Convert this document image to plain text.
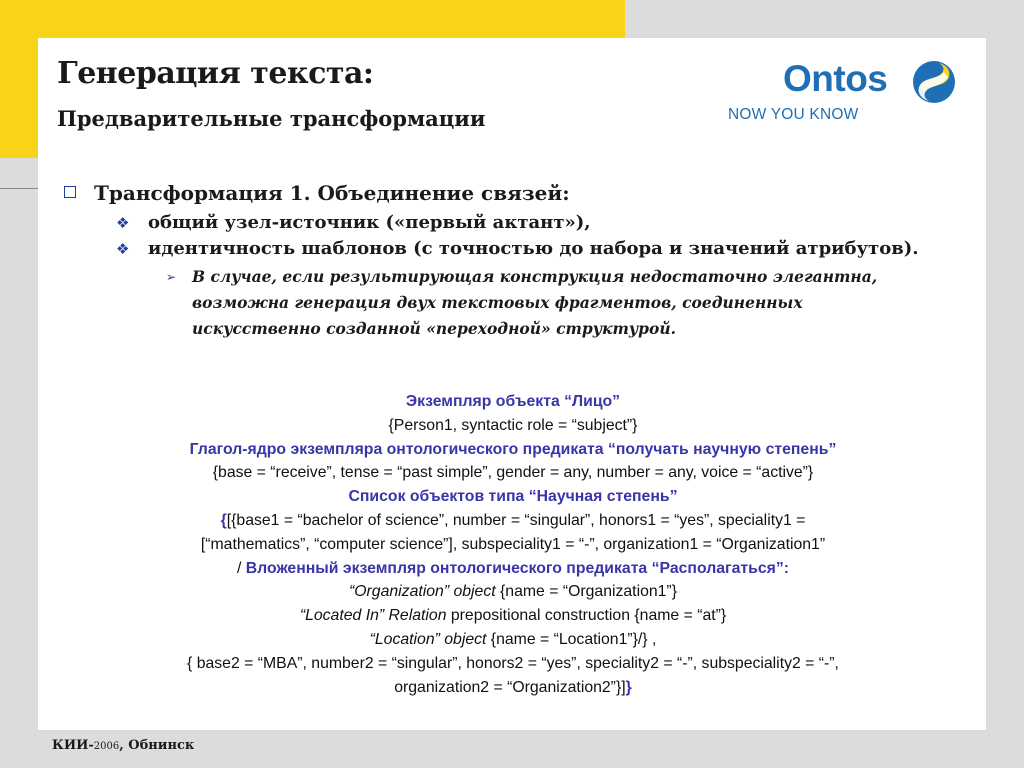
Генерация текста:
Предварительные трансформации
Ontos
NOW YOU KNOW
Трансформация 1. Объединение связей:
❖ общий узел-источник («первый актант»),
❖ идентичность шаблонов (с точностью до набора и значений атрибутов).
➢	В случае, если результирующая конструкция недостаточно элегантна, возможна генерация двух текстовых фрагментов, соединенных искусственно созданной «переходной» структурой.
Экземпляр объекта “Лицо”
{Person1, syntactic role = “subject”}
Глагол-ядро экземпляра онтологического предиката “получать научную степень”
{base = “receive”, tense = “past simple”, gender = any, number = any, voice = “active”}
Список объектов типа “Научная степень”
{[{base1 = “bachelor of science”, number = “singular”, honors1 = “yes”, speciality1 =
[“mathematics”, “computer science”], subspeciality1 = “-”, organization1 = “Organization1”
/ Вложенный экземпляр онтологического предиката “Располагаться”:
“Organization” object {name = “Organization1”}
“Located In” Relation prepositional construction {name = “at”}
“Location” object {name = “Location1”}/} ,
{ base2 = “MBA”, number2 = “singular”, honors2 = “yes”, speciality2 = “-”, subspeciality2 = “-”,
organization2 = “Organization2”}]}
КИИ-2006, Обнинск
